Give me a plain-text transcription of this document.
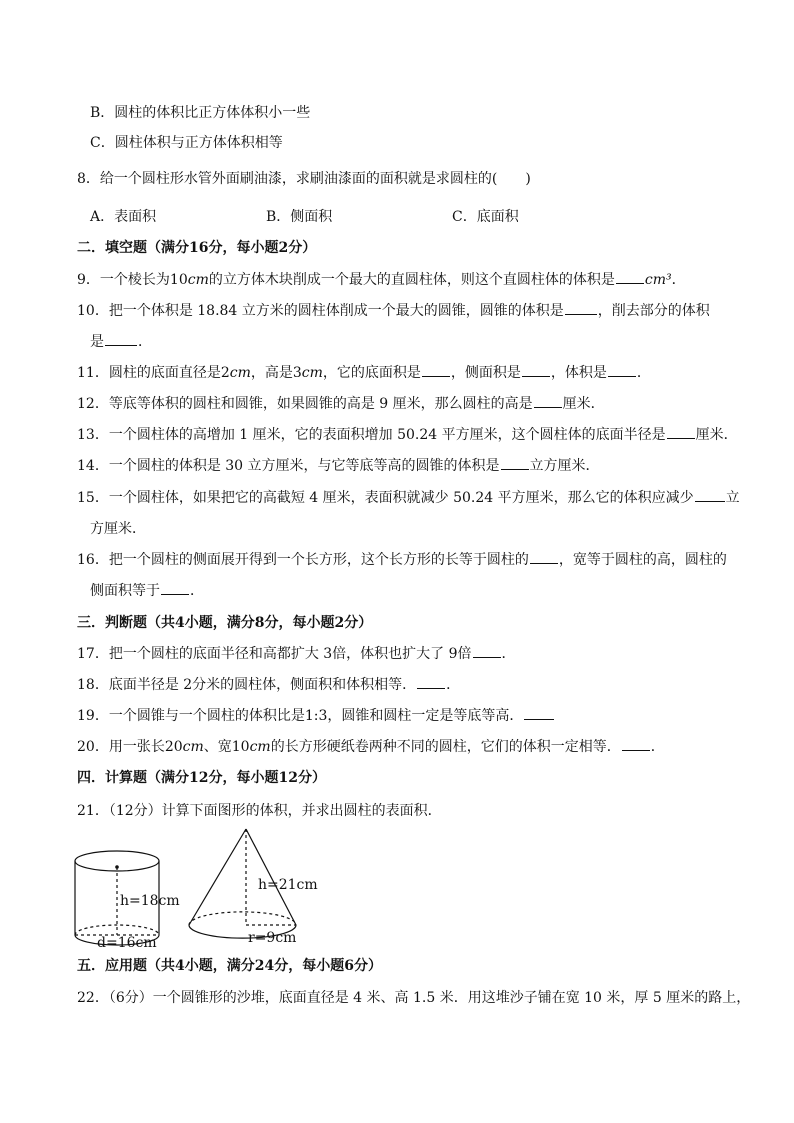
B．圆柱的体积比正方体体积小一些
C．圆柱体积与正方体体积相等
8．给一个圆柱形水管外面刷油漆，求刷油漆面的面积就是求圆柱的(　　)
A．表面积	B．侧面积	C．底面积
二．填空题（满分16分，每小题2分）
9．一个棱长为10cm的立方体木块削成一个最大的直圆柱体，则这个直圆柱体的体积是 cm³．
10．把一个体积是 18.84 立方米的圆柱体削成一个最大的圆锥，圆锥的体积是 ，削去部分的体积
是 ．
11．圆柱的底面直径是2cm，高是3cm，它的底面积是 ，侧面积是 ，体积是 ．
12．等底等体积的圆柱和圆锥，如果圆锥的高是 9 厘米，那么圆柱的高是 厘米．
13．一个圆柱体的高增加 1 厘米，它的表面积增加 50.24 平方厘米，这个圆柱体的底面半径是 厘米．
14．一个圆柱的体积是 30 立方厘米，与它等底等高的圆锥的体积是 立方厘米．
15．一个圆柱体，如果把它的高截短 4 厘米，表面积就减少 50.24 平方厘米，那么它的体积应减少 立
方厘米．
16．把一个圆柱的侧面展开得到一个长方形，这个长方形的长等于圆柱的 ，宽等于圆柱的高，圆柱的
侧面积等于 ．
三．判断题（共4小题，满分8分，每小题2分）
17．把一个圆柱的底面半径和高都扩大 3倍，体积也扩大了 9倍 ．
18．底面半径是 2分米的圆柱体，侧面积和体积相等． ．
19．一个圆锥与一个圆柱的体积比是1:3，圆锥和圆柱一定是等底等高．
20．用一张长20cm、宽10cm的长方形硬纸卷两种不同的圆柱，它们的体积一定相等． ．
四．计算题（满分12分，每小题12分）
21．（12分）计算下面图形的体积，并求出圆柱的表面积．
h=18cm
d=16cm
h=21cm
r=9cm
五．应用题（共4小题，满分24分，每小题6分）
22．（6分）一个圆锥形的沙堆，底面直径是 4 米、高 1.5 米．用这堆沙子铺在宽 10 米，厚 5 厘米的路上，
